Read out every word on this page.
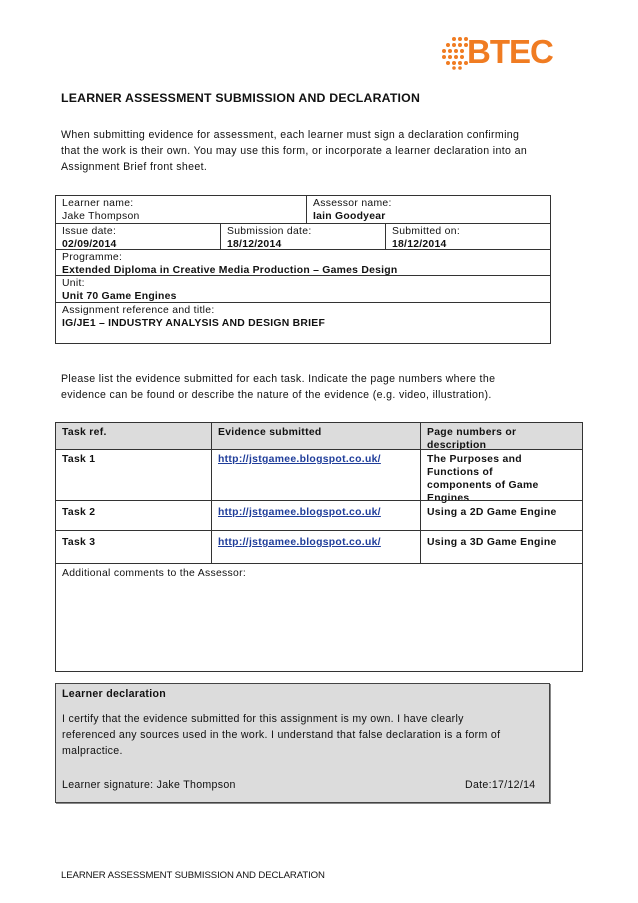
BTEC
LEARNER ASSESSMENT SUBMISSION AND DECLARATION

When submitting evidence for assessment, each learner must sign a declaration confirming

that the work is their own. You may use this form, or incorporate a learner declaration into an

Assignment Brief front sheet.

Learner name:
Jake Thompson
Assessor name:
Iain Goodyear
Issue date:
02/09/2014
Submission date:
18/12/2014
Submitted on:
18/12/2014
Programme:
Extended Diploma in Creative Media Production – Games Design
Unit:
Unit 70 Game Engines
Assignment reference and title:
IG/JE1 – INDUSTRY ANALYSIS AND DESIGN BRIEF

Please list the evidence submitted for each task. Indicate the page numbers where the

evidence can be found or describe the nature of the evidence (e.g. video, illustration).

Task ref.	Evidence submitted	Page numbers or
description
Task 1	http://jstgamee.blogspot.co.uk/	The Purposes and
Functions of
components of Game
Engines
Task 2	http://jstgamee.blogspot.co.uk/	Using a 2D Game Engine
Task 3	http://jstgamee.blogspot.co.uk/	Using a 3D Game Engine
Additional comments to the Assessor:
Learner declaration
I certify that the evidence submitted for this assignment is my own. I have clearly
referenced any sources used in the work. I understand that false declaration is a form of
malpractice.
Learner signature: Jake Thompson	Date:17/12/14
LEARNER ASSESSMENT SUBMISSION AND DECLARATION
